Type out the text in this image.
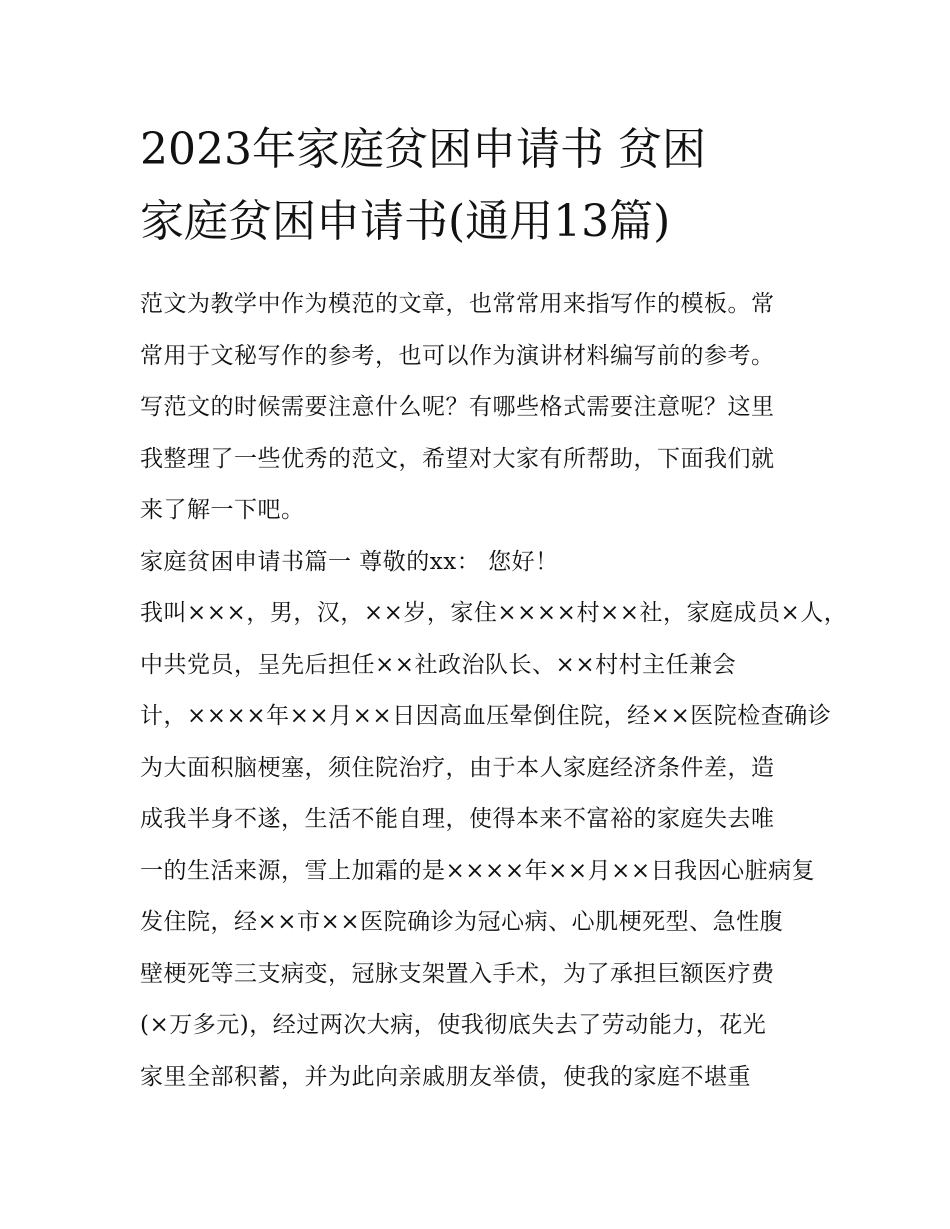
2023年家庭贫困申请书 贫困
家庭贫困申请书(通用13篇)
范文为教学中作为模范的文章，也常常用来指写作的模板。常
常用于文秘写作的参考，也可以作为演讲材料编写前的参考。
写范文的时候需要注意什么呢？有哪些格式需要注意呢？这里
我整理了一些优秀的范文，希望对大家有所帮助，下面我们就
来了解一下吧。
家庭贫困申请书篇一 尊敬的xx： 您好！
我叫×××，男，汉，××岁，家住××××村××社，家庭成员×人，
中共党员，呈先后担任××社政治队长、××村村主任兼会
计，××××年××月××日因高血压晕倒住院，经××医院检查确诊
为大面积脑梗塞，须住院治疗，由于本人家庭经济条件差，造
成我半身不遂，生活不能自理，使得本来不富裕的家庭失去唯
一的生活来源，雪上加霜的是××××年××月××日我因心脏病复
发住院，经××市××医院确诊为冠心病、心肌梗死型、急性腹
壁梗死等三支病变，冠脉支架置入手术，为了承担巨额医疗费
(×万多元)，经过两次大病，使我彻底失去了劳动能力，花光
家里全部积蓄，并为此向亲戚朋友举债，使我的家庭不堪重
